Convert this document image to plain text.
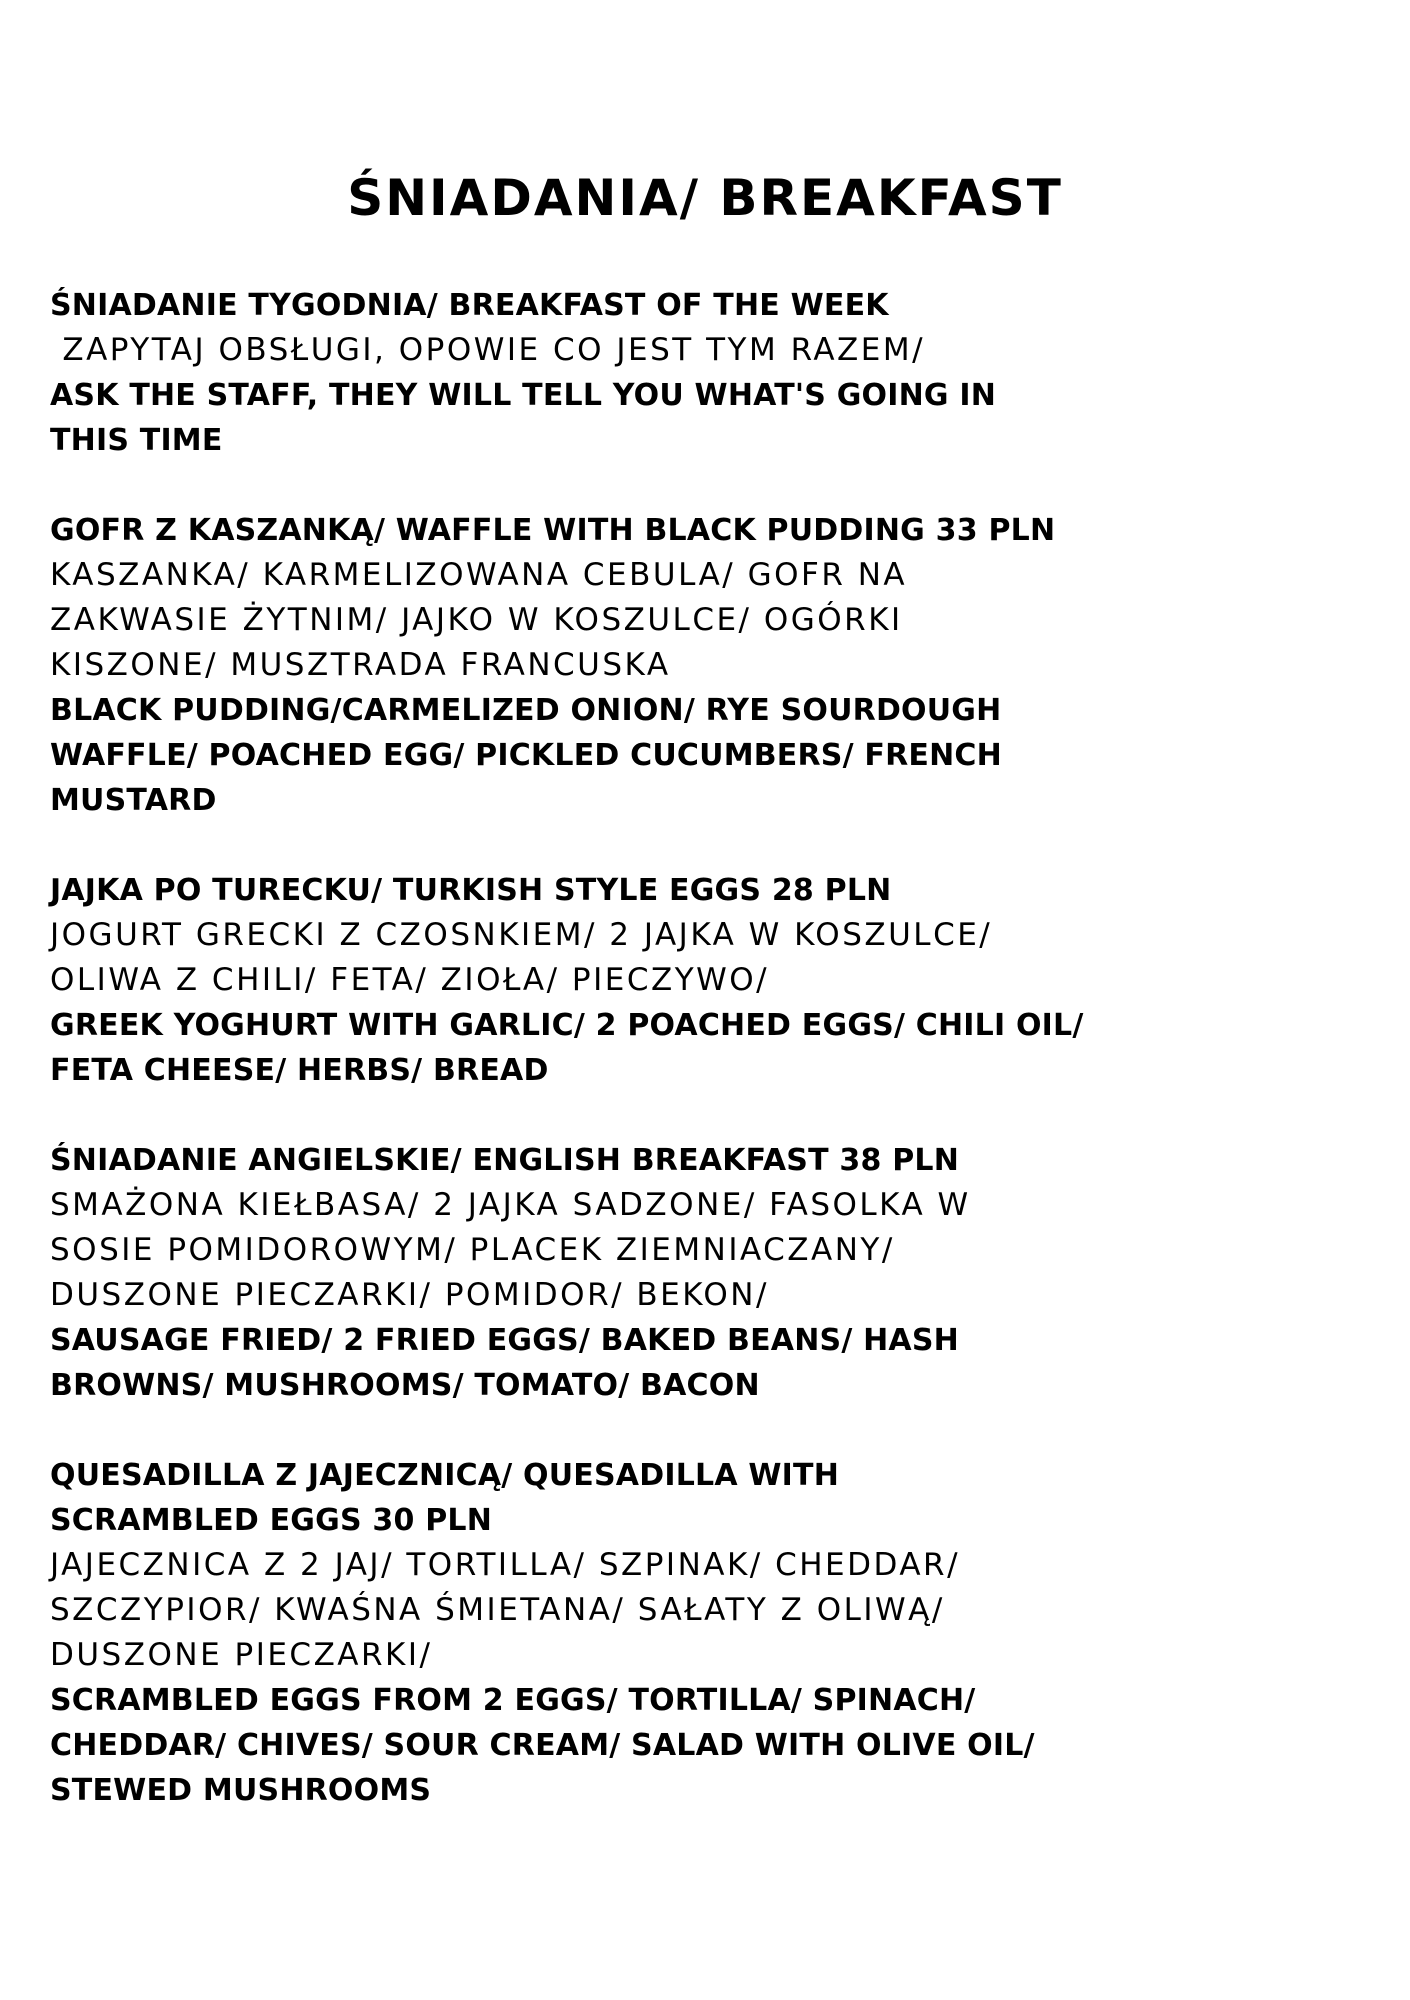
ŚNIADANIA/ BREAKFAST
ŚNIADANIE TYGODNIA/ BREAKFAST OF THE WEEK
ZAPYTAJ OBSŁUGI, OPOWIE CO JEST TYM RAZEM/
ASK THE STAFF, THEY WILL TELL YOU WHAT'S GOING IN
THIS TIME
GOFR Z KASZANKĄ/ WAFFLE WITH BLACK PUDDING 33 PLN
KASZANKA/ KARMELIZOWANA CEBULA/ GOFR NA
ZAKWASIE ŻYTNIM/ JAJKO W KOSZULCE/ OGÓRKI
KISZONE/ MUSZTRADA FRANCUSKA
BLACK PUDDING/CARMELIZED ONION/ RYE SOURDOUGH
WAFFLE/ POACHED EGG/ PICKLED CUCUMBERS/ FRENCH
MUSTARD
JAJKA PO TURECKU/ TURKISH STYLE EGGS 28 PLN
JOGURT GRECKI Z CZOSNKIEM/ 2 JAJKA W KOSZULCE/
OLIWA Z CHILI/ FETA/ ZIOŁA/ PIECZYWO/
GREEK YOGHURT WITH GARLIC/ 2 POACHED EGGS/ CHILI OIL/
FETA CHEESE/ HERBS/ BREAD
ŚNIADANIE ANGIELSKIE/ ENGLISH BREAKFAST 38 PLN
SMAŻONA KIEŁBASA/ 2 JAJKA SADZONE/ FASOLKA W
SOSIE POMIDOROWYM/ PLACEK ZIEMNIACZANY/
DUSZONE PIECZARKI/ POMIDOR/ BEKON/
SAUSAGE FRIED/ 2 FRIED EGGS/ BAKED BEANS/ HASH
BROWNS/ MUSHROOMS/ TOMATO/ BACON
QUESADILLA Z JAJECZNICĄ/ QUESADILLA WITH
SCRAMBLED EGGS 30 PLN
JAJECZNICA Z 2 JAJ/ TORTILLA/ SZPINAK/ CHEDDAR/
SZCZYPIOR/ KWAŚNA ŚMIETANA/ SAŁATY Z OLIWĄ/
DUSZONE PIECZARKI/
SCRAMBLED EGGS FROM 2 EGGS/ TORTILLA/ SPINACH/
CHEDDAR/ CHIVES/ SOUR CREAM/ SALAD WITH OLIVE OIL/
STEWED MUSHROOMS
